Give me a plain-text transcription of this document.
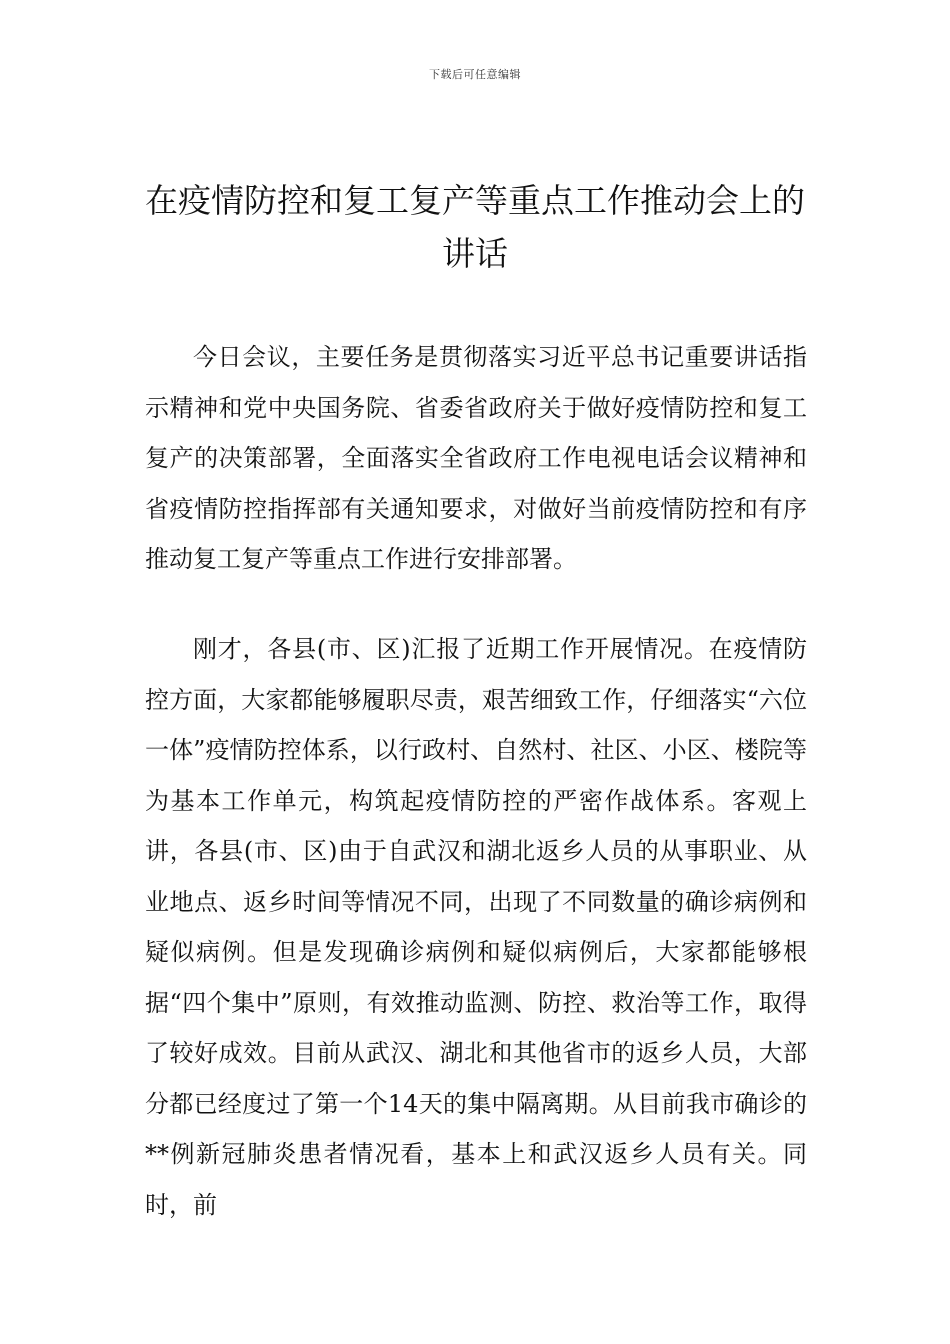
下载后可任意编辑
在疫情防控和复工复产等重点工作推动会上的讲话

今日会议，主要任务是贯彻落实习近平总书记重要讲话指示精神和党中央国务院、省委省政府关于做好疫情防控和复工复产的决策部署，全面落实全省政府工作电视电话会议精神和省疫情防控指挥部有关通知要求，对做好当前疫情防控和有序推动复工复产等重点工作进行安排部署。

刚才，各县(市、区)汇报了近期工作开展情况。在疫情防控方面，大家都能够履职尽责，艰苦细致工作，仔细落实“六位一体”疫情防控体系，以行政村、自然村、社区、小区、楼院等为基本工作单元，构筑起疫情防控的严密作战体系。客观上讲，各县(市、区)由于自武汉和湖北返乡人员的从事职业、从业地点、返乡时间等情况不同，出现了不同数量的确诊病例和疑似病例。但是发现确诊病例和疑似病例后，大家都能够根据“四个集中”原则，有效推动监测、防控、救治等工作，取得了较好成效。目前从武汉、湖北和其他省市的返乡人员，大部分都已经度过了第一个14天的集中隔离期。从目前我市确诊的**例新冠肺炎患者情况看，基本上和武汉返乡人员有关。同时，前
